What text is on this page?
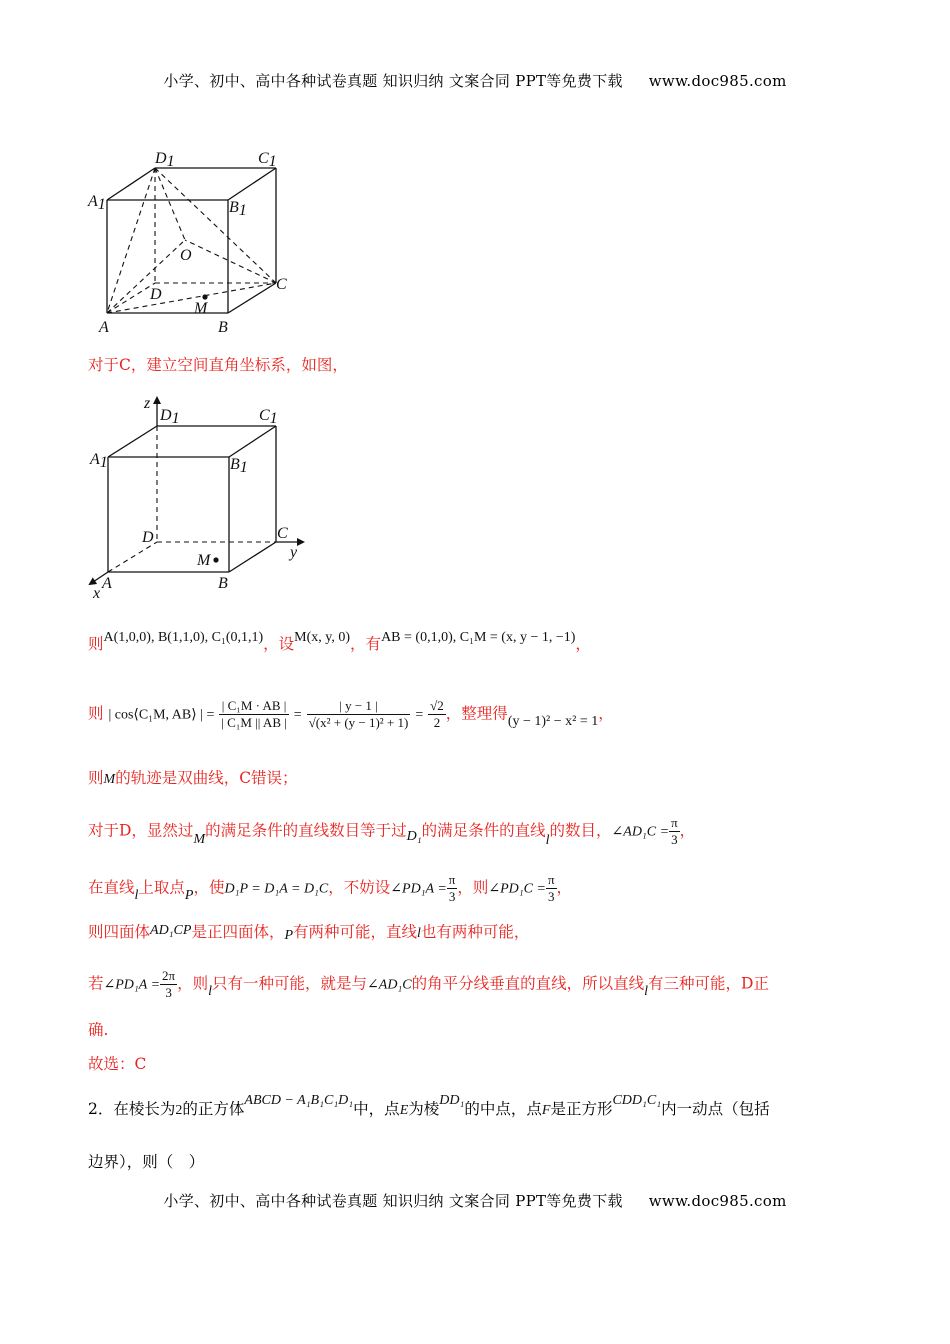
小学、初中、高中各种试卷真题 知识归纳 文案合同 PPT等免费下载 www.doc985.com
D1	C1
A1	B1
O
D
C
M
A	B
对于C，建立空间直角坐标系，如图，
z
D1	C1
A1	B1
D	C
y
M
A	B
x
则A(1,0,0), B(1,1,0), C₁(0,1,1)，设M(x, y, 0)，有AB = (0,1,0), C₁M = (x, y − 1, −1)，
则 | cos⟨C₁M, AB⟩ | = $\frac{\text{| C₁M · AB |}}{\text{| C₁M || AB |}} = \frac{| y - 1 |}{\text{√(x² + (y − 1)² + 1)}} = \frac{√2}{2}$ ，整理得(y − 1)² − x² = 1，
则M的轨迹是双曲线，C错误；
对于D，显然过M的满足条件的直线数目等于过D₁的满足条件的直线l的数目，∠AD₁C = $\frac{\pi}{3}$ ，
在直线l上取点P，使D₁P = D₁A = D₁C，不妨设∠PD₁A = $\frac{\pi}{3}$ ，则∠PD₁C = $\frac{\pi}{3}$ ，
则四面体AD₁CP是正四面体，P有两种可能，直线l也有两种可能，
若∠PD₁A = $\frac{2\pi}{3}$ ，则l只有一种可能，就是与∠AD₁C的角平分线垂直的直线，所以直线l有三种可能，D正
确.
故选：C
2．在棱长为2的正方体ABCD − A₁B₁C₁D₁中，点E为棱DD₁的中点，点F是正方形CDD₁C₁内一动点（包括
边界），则（　）
小学、初中、高中各种试卷真题 知识归纳 文案合同 PPT等免费下载 www.doc985.com
